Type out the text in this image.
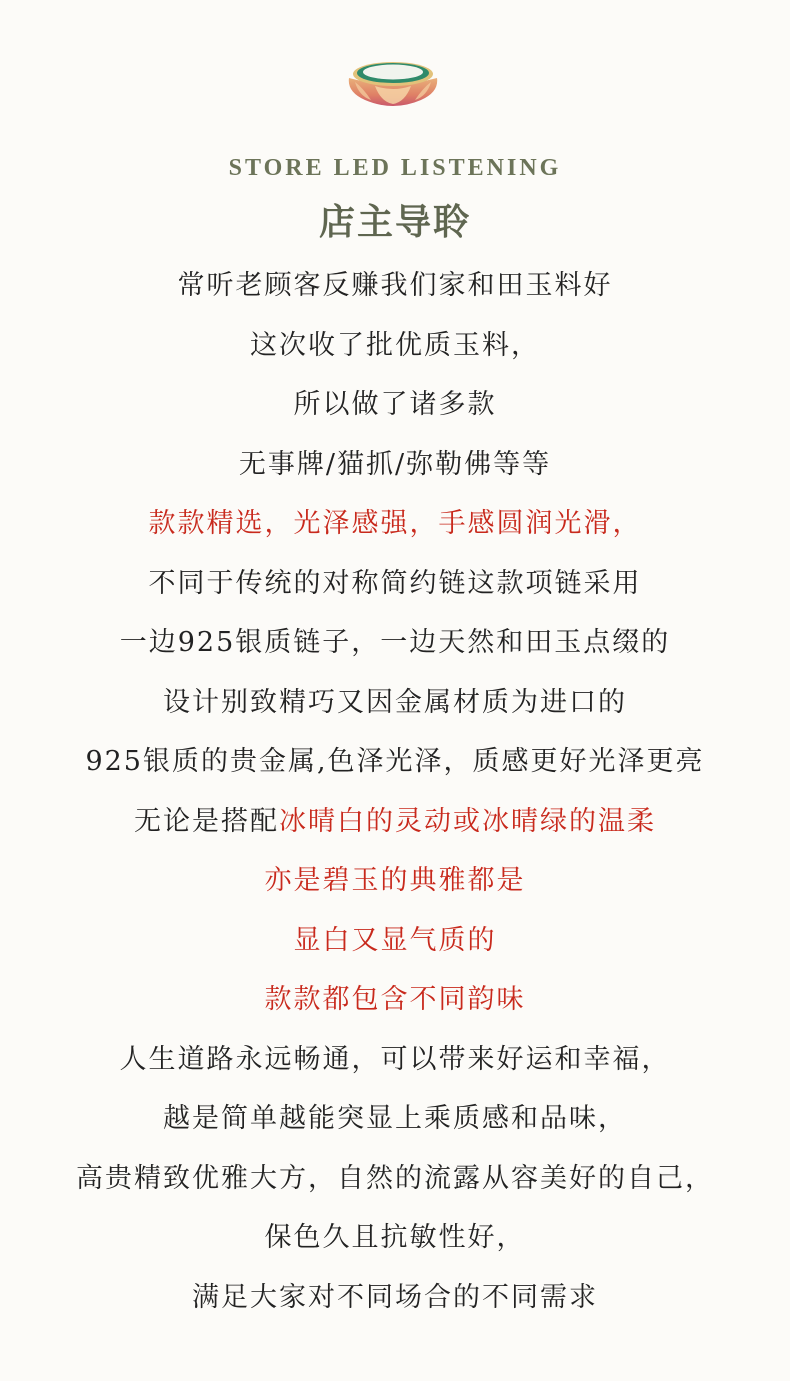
STORE LED LISTENING
店主导聆
常听老顾客反赚我们家和田玉料好
这次收了批优质玉料，
所以做了诸多款
无事牌/猫抓/弥勒佛等等
款款精选，光泽感强，手感圆润光滑，
不同于传统的对称简约链这款项链采用
一边925银质链子，一边天然和田玉点缀的
设计别致精巧又因金属材质为进口的
925银质的贵金属,色泽光泽，质感更好光泽更亮
无论是搭配冰晴白的灵动或冰晴绿的温柔
亦是碧玉的典雅都是
显白又显气质的
款款都包含不同韵味
人生道路永远畅通，可以带来好运和幸福，
越是简单越能突显上乘质感和品味，
高贵精致优雅大方，自然的流露从容美好的自己，
保色久且抗敏性好，
满足大家对不同场合的不同需求
